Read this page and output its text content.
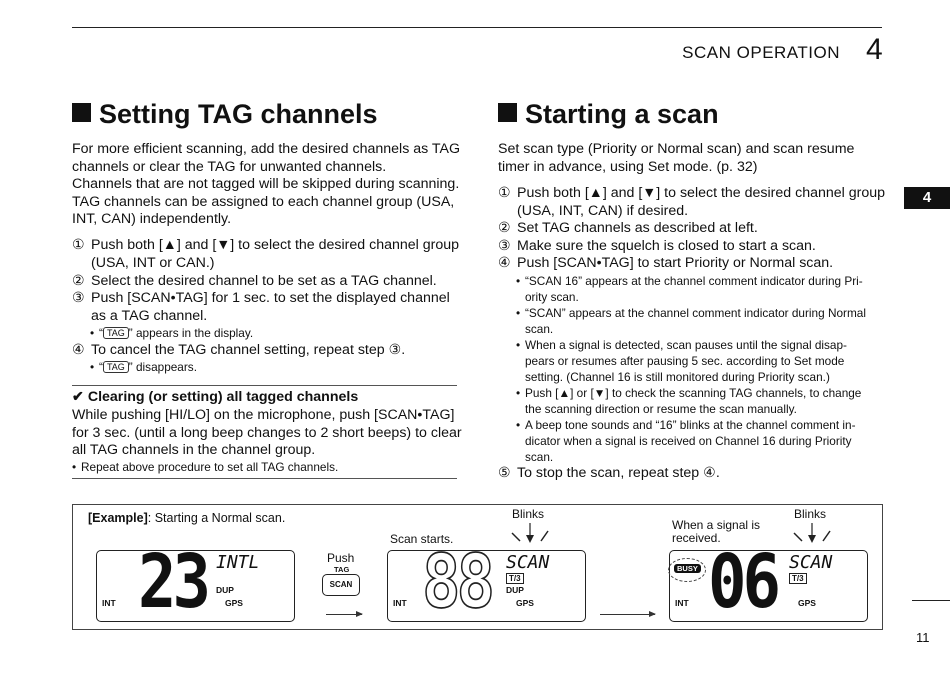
SCAN OPERATION 4
4
Setting TAG channels
For more efficient scanning, add the desired channels as TAG
channels or clear the TAG for unwanted channels.
Channels that are not tagged will be skipped during scanning.
TAG channels can be assigned to each channel group (USA,
INT, CAN) independently.
① Push both [▲] and [▼] to select the desired channel group
(USA, INT or CAN.)
② Select the desired channel to be set as a TAG channel.
③ Push [SCAN•TAG] for 1 sec. to set the displayed channel
as a TAG channel.
• “ TAG ” appears in the display.
④ To cancel the TAG channel setting, repeat step ③.
• “ TAG ” disappears.
✔ Clearing (or setting) all tagged channels
While pushing [HI/LO] on the microphone, push [SCAN•TAG]
for 3 sec. (until a long beep changes to 2 short beeps) to clear
all TAG channels in the channel group.
• Repeat above procedure to set all TAG channels.
Starting a scan
Set scan type (Priority or Normal scan) and scan resume
timer in advance, using Set mode. (p. 32)
① Push both [▲] and [▼] to select the desired channel group
(USA, INT, CAN) if desired.
② Set TAG channels as described at left.
③ Make sure the squelch is closed to start a scan.
④ Push [SCAN•TAG] to start Priority or Normal scan.
• “SCAN 16” appears at the channel comment indicator during Pri-
ority scan.
• “SCAN” appears at the channel comment indicator during Normal
scan.
• When a signal is detected, scan pauses until the signal disap-
pears or resumes after pausing 5 sec. according to Set mode
setting. (Channel 16 is still monitored during Priority scan.)
• Push [▲] or [▼] to check the scanning TAG channels, to change
the scanning direction or resume the scan manually.
• A beep tone sounds and “16” blinks at the channel comment in-
dicator when a signal is received on Channel 16 during Priority
scan.
⑤ To stop the scan, repeat step ④.
[Example]: Starting a Normal scan.
23 INTL
DUP
INT	GPS
Push
TAG
SCAN
Scan starts.
Blinks
88 SCAN
T/3
DUP
INT	GPS
When a signal is
received.
Blinks
BUSY 06 SCAN
T/3
INT	GPS
11
